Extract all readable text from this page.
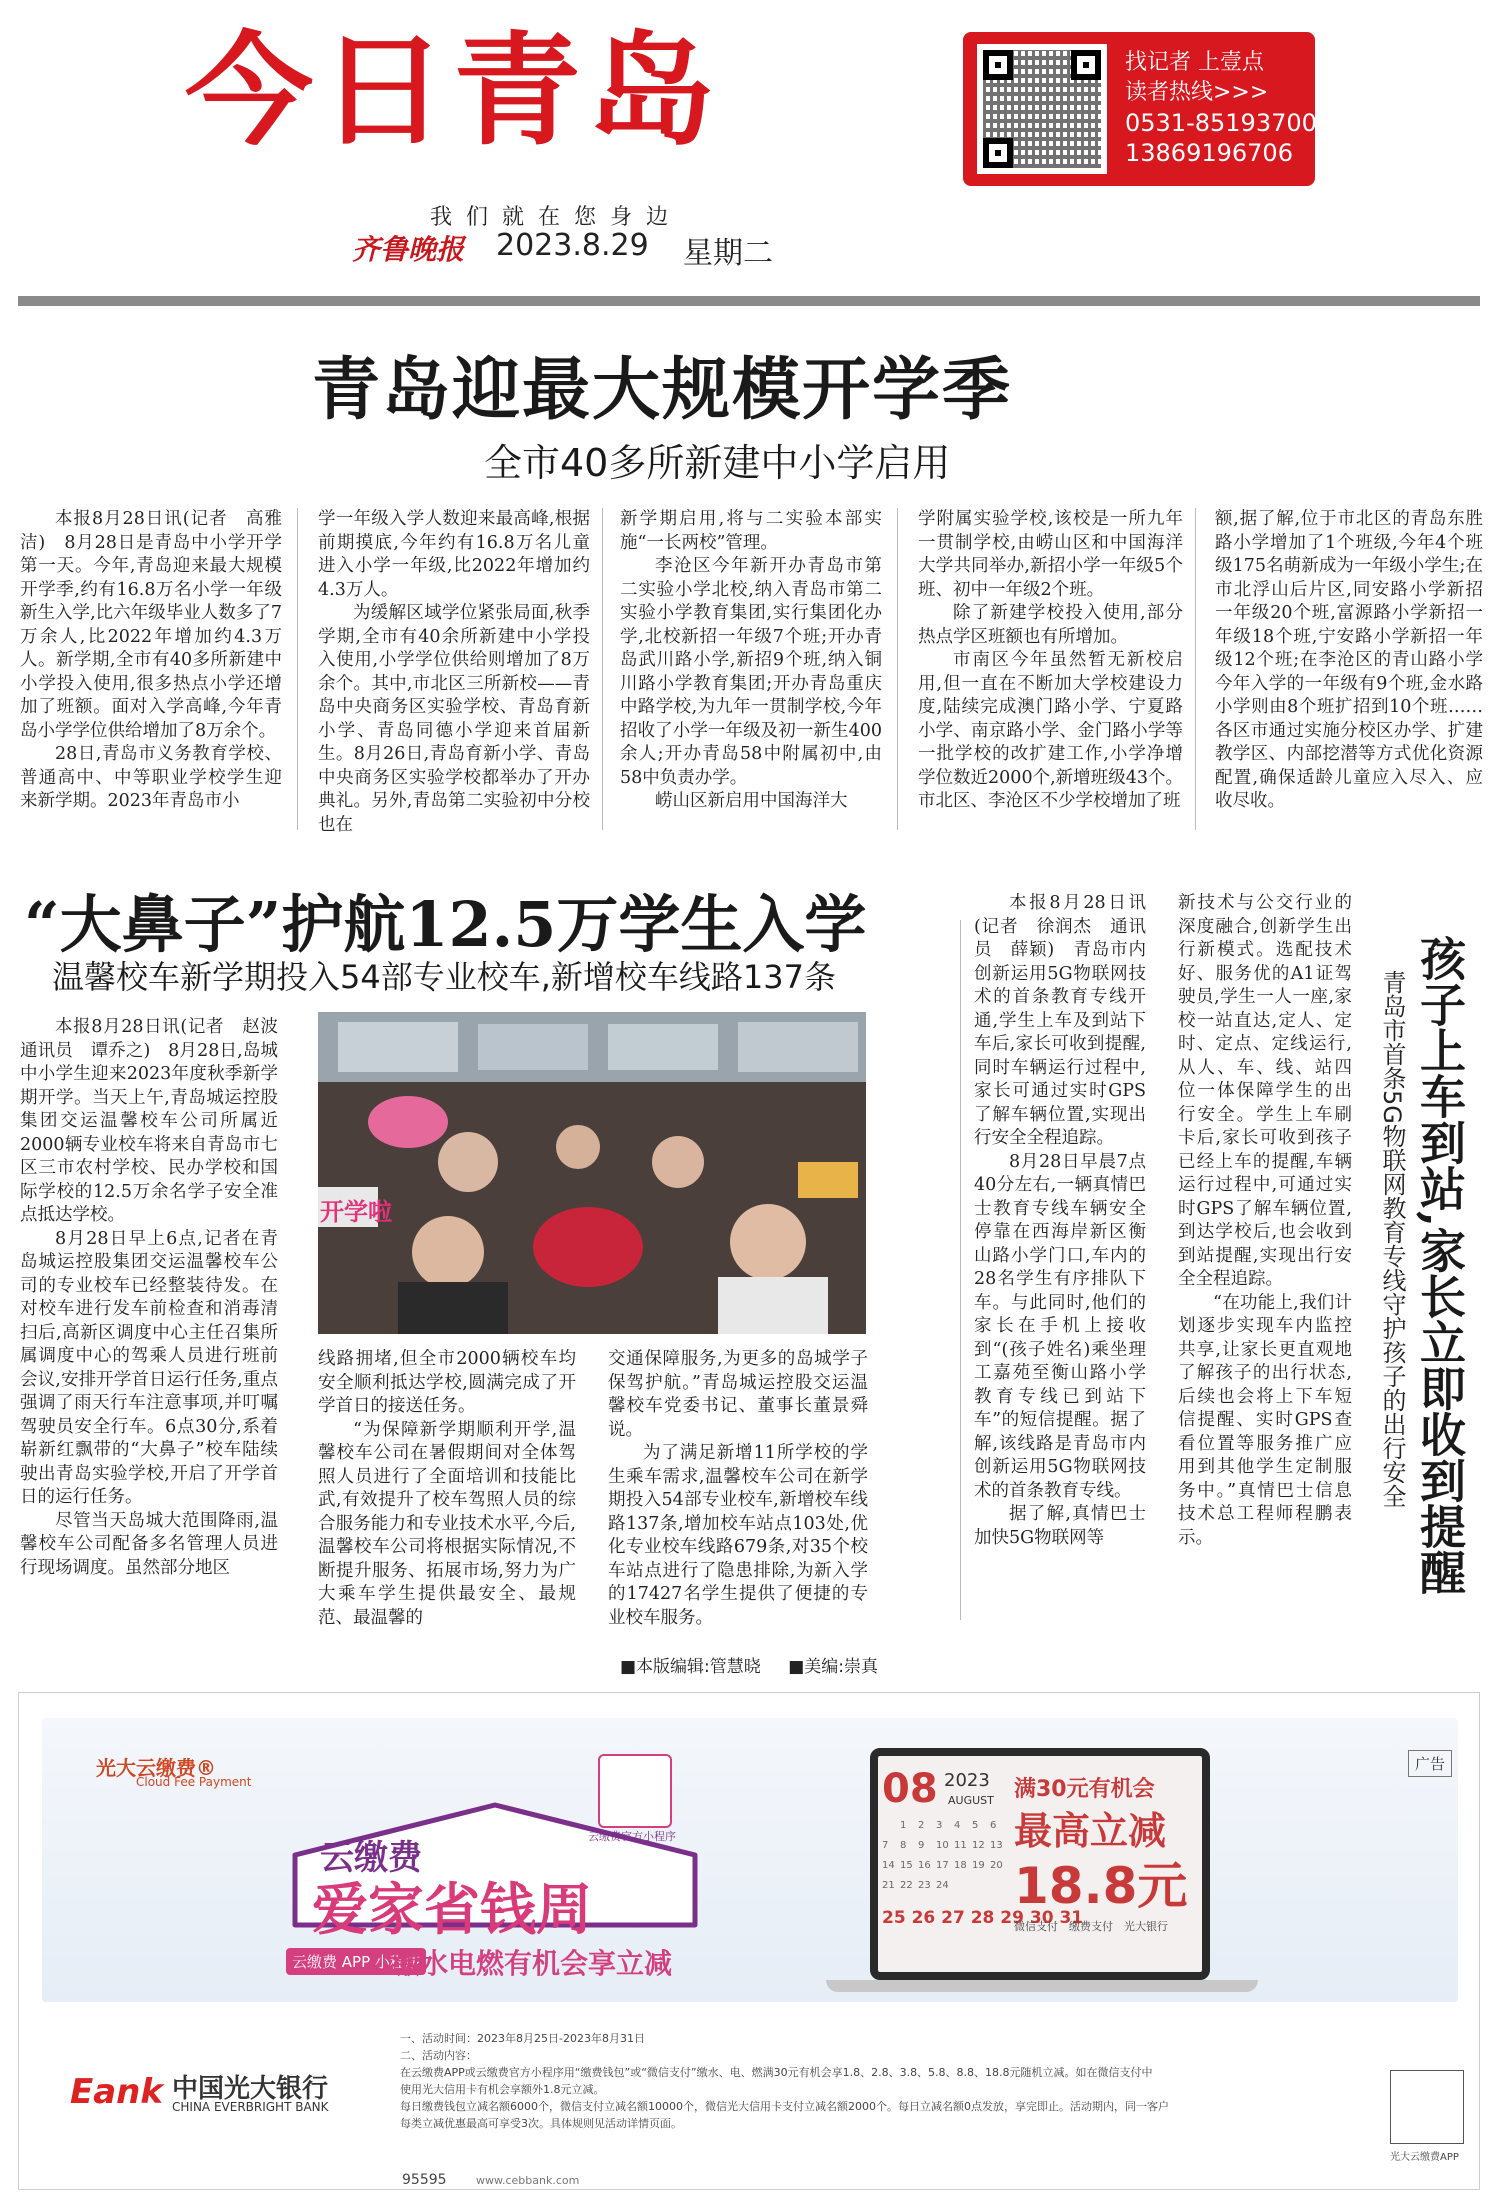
今日青岛
我们就在您身边
齐鲁晚报 2023.8.29 星期二
找记者 上壹点
读者热线>>>
0531-85193700
13869196706
青岛迎最大规模开学季
全市40多所新建中小学启用

本报8月28日讯(记者　高雅洁)　8月28日是青岛中小学开学第一天。今年,青岛迎来最大规模开学季,约有16.8万名小学一年级新生入学,比六年级毕业人数多了7万余人,比2022年增加约4.3万人。新学期,全市有40多所新建中小学投入使用,很多热点小学还增加了班额。面对入学高峰,今年青岛小学学位供给增加了8万余个。

28日,青岛市义务教育学校、普通高中、中等职业学校学生迎来新学期。2023年青岛市小

学一年级入学人数迎来最高峰,根据前期摸底,今年约有16.8万名儿童进入小学一年级,比2022年增加约4.3万人。

为缓解区域学位紧张局面,秋季学期,全市有40余所新建中小学投入使用,小学学位供给则增加了8万余个。其中,市北区三所新校——青岛中央商务区实验学校、青岛育新小学、青岛同德小学迎来首届新生。8月26日,青岛育新小学、青岛中央商务区实验学校都举办了开办典礼。另外,青岛第二实验初中分校也在

新学期启用,将与二实验本部实施“一长两校”管理。

李沧区今年新开办青岛市第二实验小学北校,纳入青岛市第二实验小学教育集团,实行集团化办学,北校新招一年级7个班;开办青岛武川路小学,新招9个班,纳入铜川路小学教育集团;开办青岛重庆中路学校,为九年一贯制学校,今年招收了小学一年级及初一新生400余人;开办青岛58中附属初中,由58中负责办学。

崂山区新启用中国海洋大

学附属实验学校,该校是一所九年一贯制学校,由崂山区和中国海洋大学共同举办,新招小学一年级5个班、初中一年级2个班。

除了新建学校投入使用,部分热点学区班额也有所增加。

市南区今年虽然暂无新校启用,但一直在不断加大学校建设力度,陆续完成澳门路小学、宁夏路小学、南京路小学、金门路小学等一批学校的改扩建工作,小学净增学位数近2000个,新增班级43个。市北区、李沧区不少学校增加了班

额,据了解,位于市北区的青岛东胜路小学增加了1个班级,今年4个班级175名萌新成为一年级小学生;在市北浮山后片区,同安路小学新招一年级20个班,富源路小学新招一年级18个班,宁安路小学新招一年级12个班;在李沧区的青山路小学今年入学的一年级有9个班,金水路小学则由8个班扩招到10个班……各区市通过实施分校区办学、扩建教学区、内部挖潜等方式优化资源配置,确保适龄儿童应入尽入、应收尽收。

“大鼻子”护航12.5万学生入学
温馨校车新学期投入54部专业校车,新增校车线路137条

本报8月28日讯(记者　赵波　通讯员　谭乔之)　8月28日,岛城中小学生迎来2023年度秋季新学期开学。当天上午,青岛城运控股集团交运温馨校车公司所属近2000辆专业校车将来自青岛市七区三市农村学校、民办学校和国际学校的12.5万余名学子安全准点抵达学校。

8月28日早上6点,记者在青岛城运控股集团交运温馨校车公司的专业校车已经整装待发。在对校车进行发车前检查和消毒清扫后,高新区调度中心主任召集所属调度中心的驾乘人员进行班前会议,安排开学首日运行任务,重点强调了雨天行车注意事项,并叮嘱驾驶员安全行车。6点30分,系着崭新红飘带的“大鼻子”校车陆续驶出青岛实验学校,开启了开学首日的运行任务。

尽管当天岛城大范围降雨,温馨校车公司配备多名管理人员进行现场调度。虽然部分地区

开学啦

线路拥堵,但全市2000辆校车均安全顺利抵达学校,圆满完成了开学首日的接送任务。

“为保障新学期顺利开学,温馨校车公司在暑假期间对全体驾照人员进行了全面培训和技能比武,有效提升了校车驾照人员的综合服务能力和专业技术水平,今后,温馨校车公司将根据实际情况,不断提升服务、拓展市场,努力为广大乘车学生提供最安全、最规范、最温馨的

交通保障服务,为更多的岛城学子保驾护航。”青岛城运控股交运温馨校车党委书记、董事长董景舜说。

为了满足新增11所学校的学生乘车需求,温馨校车公司在新学期投入54部专业校车,新增校车线路137条,增加校车站点103处,优化专业校车线路679条,对35个校车站点进行了隐患排除,为新入学的17427名学生提供了便捷的专业校车服务。

本报8月28日讯(记者　徐润杰　通讯员　薛颖)　青岛市内创新运用5G物联网技术的首条教育专线开通,学生上车及到站下车后,家长可收到提醒,同时车辆运行过程中,家长可通过实时GPS了解车辆位置,实现出行安全全程追踪。

8月28日早晨7点40分左右,一辆真情巴士教育专线车辆安全停靠在西海岸新区衡山路小学门口,车内的28名学生有序排队下车。与此同时,他们的家长在手机上接收到“(孩子姓名)乘坐理工嘉苑至衡山路小学教育专线已到站下车”的短信提醒。据了解,该线路是青岛市内创新运用5G物联网技术的首条教育专线。

据了解,真情巴士加快5G物联网等

新技术与公交行业的深度融合,创新学生出行新模式。选配技术好、服务优的A1证驾驶员,学生一人一座,家校一站直达,定人、定时、定点、定线运行,从人、车、线、站四位一体保障学生的出行安全。学生上车刷卡后,家长可收到孩子已经上车的提醒,车辆运行过程中,可通过实时GPS了解车辆位置,到达学校后,也会收到到站提醒,实现出行安全全程追踪。

“在功能上,我们计划逐步实现车内监控共享,让家长更直观地了解孩子的出行状态,后续也会将上下车短信提醒、实时GPS查看位置等服务推广应用到其他学生定制服务中。”真情巴士信息技术总工程师程鹏表示。	孩子上车到站,家长立即收到提醒
青岛市首条5G物联网教育专线守护孩子的出行安全
■本版编辑:管慧晓 ■美编:崇真
广告
光大云缴费®
Cloud Fee Payment
云缴费
爱家省钱周
云缴费 APP 小程序
缴水电燃有机会享立减
云缴费官方小程序
08 2023
AUGUST
1 2 3 4 5 6
7 8 9 10 11 12 13
14 15 16 17 18 19 20
21 22 23 24
25 26 27 28 29 30 31
满30元有机会
最高立减
18.8元
微信支付　缴费支付　光大银行
Eank 中国光大银行
CHINA EVERBRIGHT BANK
一、活动时间：2023年8月25日-2023年8月31日
二、活动内容：
在云缴费APP或云缴费官方小程序用“缴费钱包”或“微信支付”缴水、电、燃满30元有机会享1.8、2.8、3.8、5.8、8.8、18.8元随机立减。如在微信支付中
使用光大信用卡有机会享额外1.8元立减。
每日缴费钱包立减名额6000个，微信支付立减名额10000个，微信光大信用卡支付立减名额2000个。每日立减名额0点发放，享完即止。活动期内，同一客户
每类立减优惠最高可享受3次。具体规则见活动详情页面。
95595	www.cebbank.com
光大云缴费APP
